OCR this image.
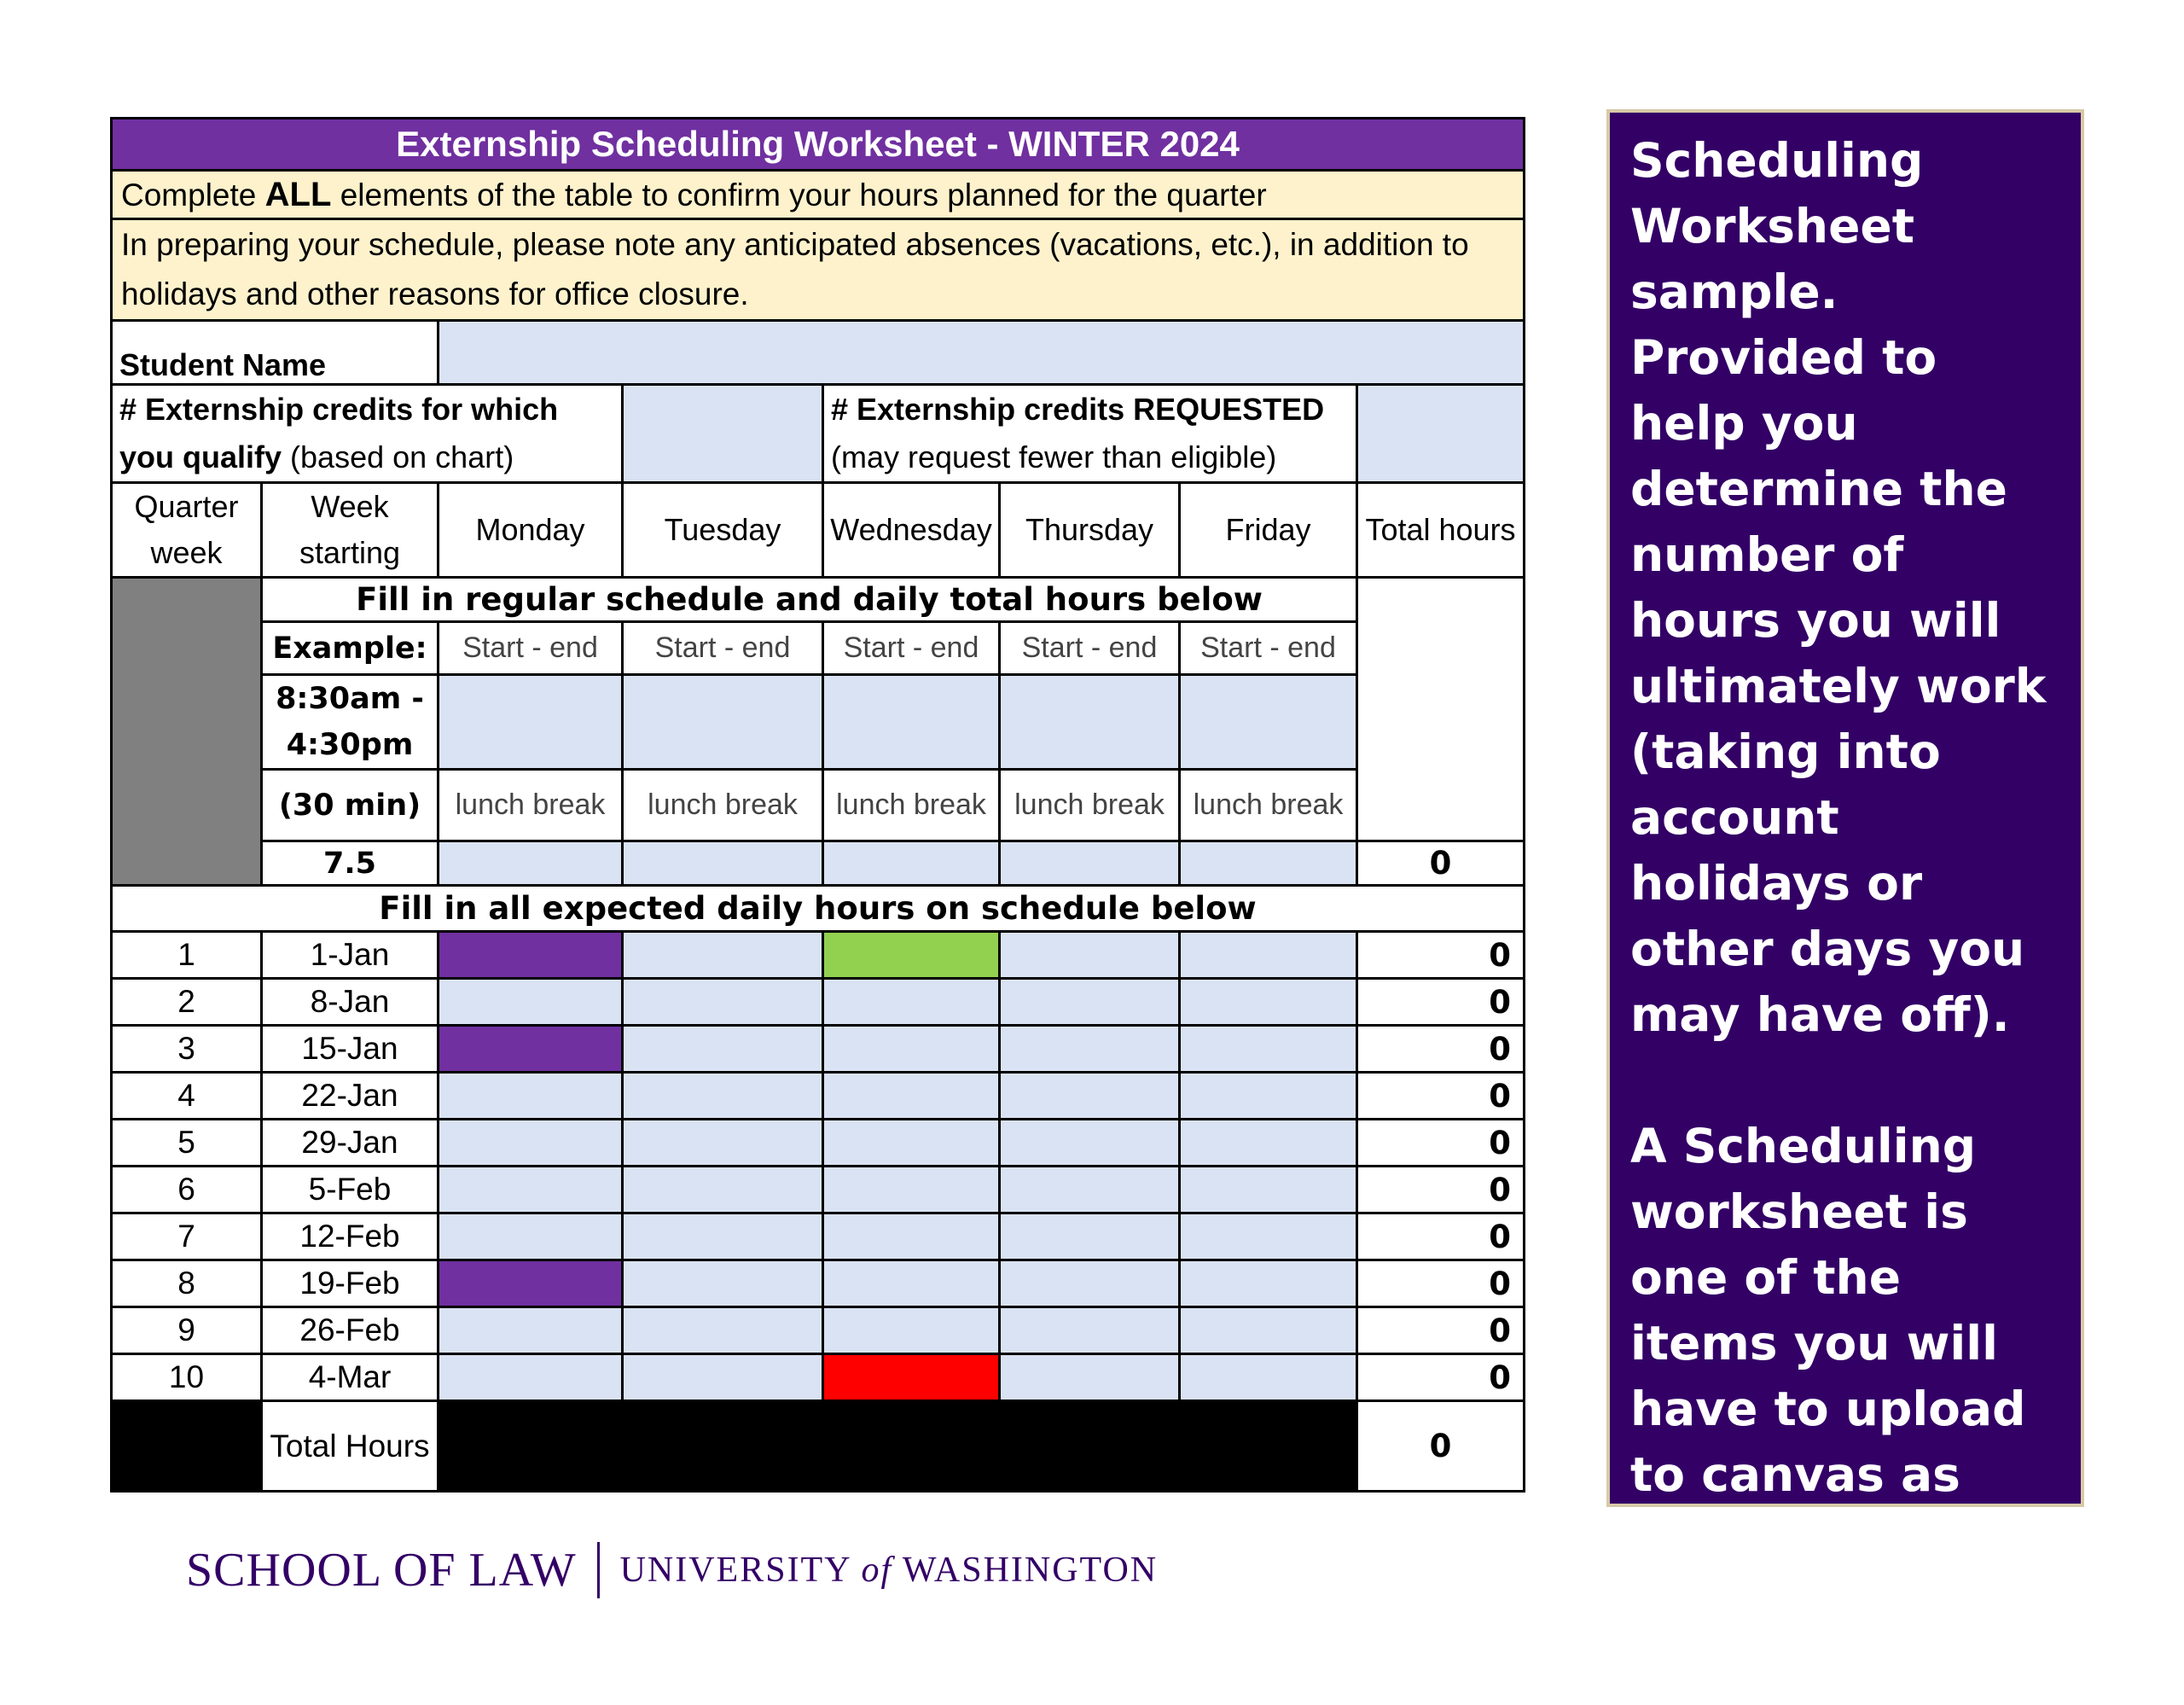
Externship Scheduling Worksheet - WINTER 2024							
Complete ALL elements of the table to confirm your hours planned for the quarter							
In preparing your schedule, please note any anticipated absences (vacations, etc.), in addition to holidays and other reasons for office closure.							
Student Name							
# Externship credits for which you qualify (based on chart)				# Externship credits REQUESTED (may request fewer than eligible)			
Quarter week	Week starting	Monday	Tuesday	Wednesday	Thursday	Friday	Total hours
	Fill in regular schedule and daily total hours below						
	Example:	Start - end	Start - end	Start - end	Start - end	Start - end	
	8:30am - 4:30pm						
	(30 min)	lunch break	lunch break	lunch break	lunch break	lunch break	
	7.5						0
Fill in all expected daily hours on schedule below							
1	1-Jan						0
2	8-Jan						0
3	15-Jan						0
4	22-Jan						0
5	29-Jan						0
6	5-Feb						0
7	12-Feb						0
8	19-Feb						0
9	26-Feb						0
10	4-Mar						0
	Total Hours						0

Scheduling Worksheet sample. Provided to help you determine the number of hours you will ultimately work (taking into account holidays or other days you may have off).

A Scheduling worksheet is one of the items you will have to upload to canvas as part of the registration process.

SCHOOL OF LAW UNIVERSITY of WASHINGTON
